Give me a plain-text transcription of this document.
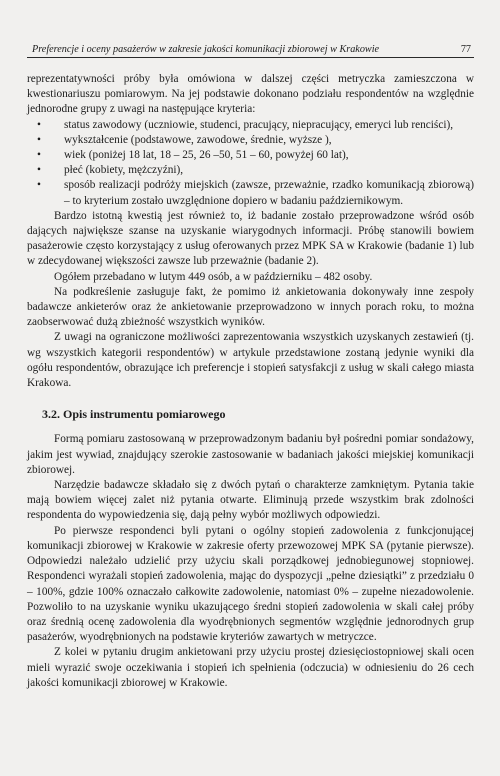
Preferencje i oceny pasażerów w zakresie jakości komunikacji zbiorowej w Krakowie	77

reprezentatywności próby była omówiona w dalszej części metryczka zamieszczona w kwestionariuszu pomiarowym. Na jej podstawie dokonano podziału respondentów na względnie jednorodne grupy z uwagi na następujące kryteria:

• status zawodowy (uczniowie, studenci, pracujący, niepracujący, emeryci lub renciści),
• wykształcenie (podstawowe, zawodowe, średnie, wyższe ),
• wiek (poniżej 18 lat, 18 – 25, 26 –50, 51 – 60, powyżej 60 lat),
• płeć (kobiety, mężczyźni),
• sposób realizacji podróży miejskich (zawsze, przeważnie, rzadko komunikacją zbiorową) – to kryterium zostało uwzględnione dopiero w badaniu październikowym.

Bardzo istotną kwestią jest również to, iż badanie zostało przeprowadzone wśród osób dających największe szanse na uzyskanie wiarygodnych informacji. Próbę stanowili bowiem pasażerowie często korzystający z usług oferowanych przez MPK SA w Krakowie (badanie 1) lub w zdecydowanej większości zawsze lub przeważnie (badanie 2).

Ogółem przebadano w lutym 449 osób, a w październiku – 482 osoby.

Na podkreślenie zasługuje fakt, że pomimo iż ankietowania dokonywały inne zespoły badawcze ankieterów oraz że ankietowanie przeprowadzono w innych porach roku, to można zaobserwować dużą zbieżność wszystkich wyników.

Z uwagi na ograniczone możliwości zaprezentowania wszystkich uzyskanych zestawień (tj. wg wszystkich kategorii respondentów) w artykule przedstawione zostaną jedynie wyniki dla ogółu respondentów, obrazujące ich preferencje i stopień satysfakcji z usług w skali całego miasta Krakowa.

3.2. Opis instrumentu pomiarowego

Formą pomiaru zastosowaną w przeprowadzonym badaniu był pośredni pomiar sondażowy, jakim jest wywiad, znajdujący szerokie zastosowanie w badaniach jakości miejskiej komunikacji zbiorowej.

Narzędzie badawcze składało się z dwóch pytań o charakterze zamkniętym. Pytania takie mają bowiem więcej zalet niż pytania otwarte. Eliminują przede wszystkim brak zdolności respondenta do wypowiedzenia się, dają pełny wybór możliwych odpowiedzi.

Po pierwsze respondenci byli pytani o ogólny stopień zadowolenia z funkcjonującej komunikacji zbiorowej w Krakowie w zakresie oferty przewozowej MPK SA (pytanie pierwsze). Odpowiedzi należało udzielić przy użyciu skali porządkowej jednobiegunowej stopniowej. Respondenci wyrażali stopień zadowolenia, mając do dyspozycji „pełne dziesiątki” z przedziału 0 – 100%, gdzie 100% oznaczało całkowite zadowolenie, natomiast 0% – zupełne niezadowolenie. Pozwoliło to na uzyskanie wyniku ukazującego średni stopień zadowolenia w skali całej próby oraz średnią ocenę zadowolenia dla wyodrębnionych segmentów względnie jednorodnych grup pasażerów, wyodrębnionych na podstawie kryteriów zawartych w metryczce.

Z kolei w pytaniu drugim ankietowani przy użyciu prostej dziesięciostopniowej skali ocen mieli wyrazić swoje oczekiwania i stopień ich spełnienia (odczucia) w odniesieniu do 26 cech jakości komunikacji zbiorowej w Krakowie.
